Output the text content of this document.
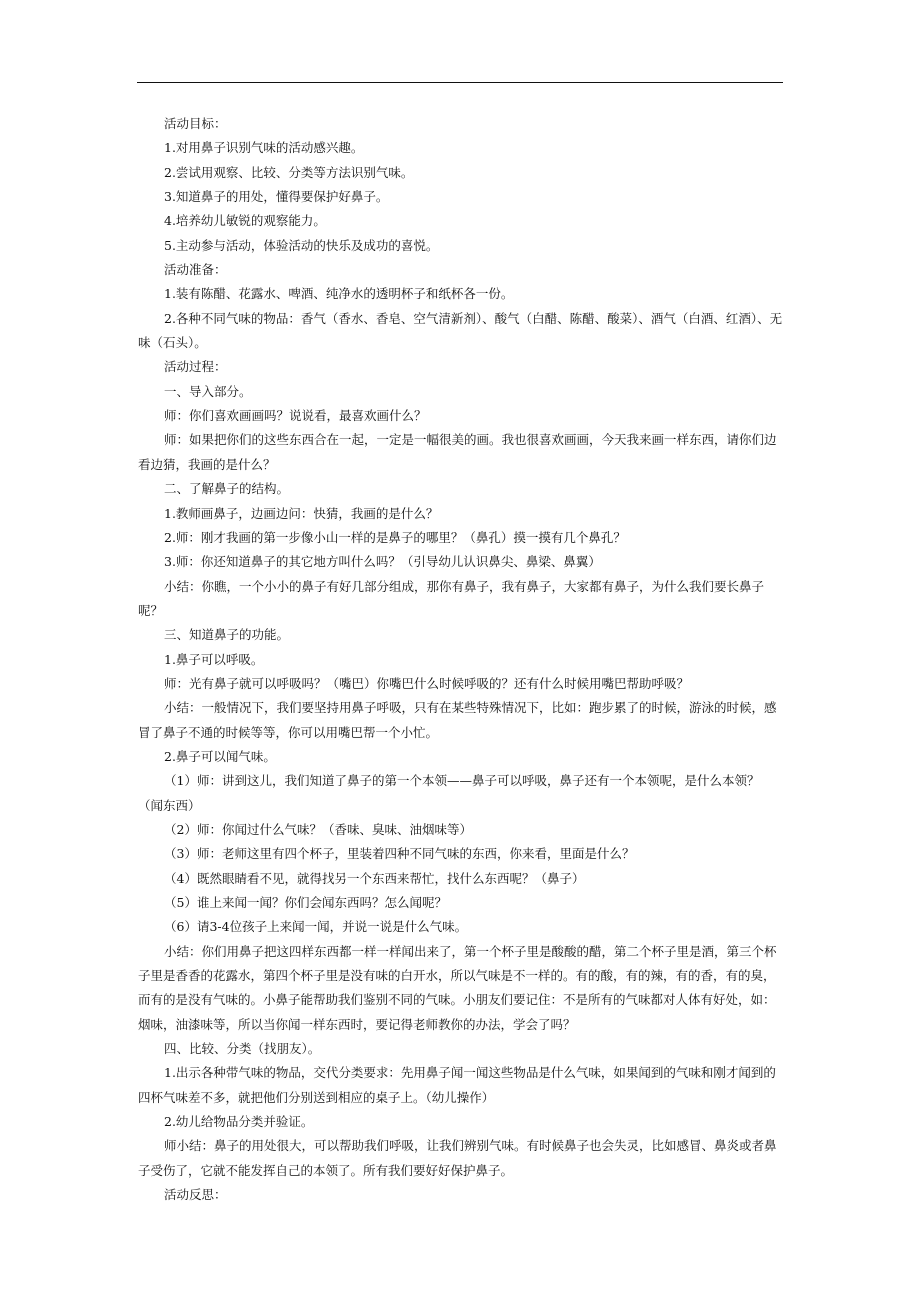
活动目标：

1.对用鼻子识别气味的活动感兴趣。

2.尝试用观察、比较、分类等方法识别气味。

3.知道鼻子的用处，懂得要保护好鼻子。

4.培养幼儿敏锐的观察能力。

5.主动参与活动，体验活动的快乐及成功的喜悦。

活动准备：

1.装有陈醋、花露水、啤酒、纯净水的透明杯子和纸杯各一份。

2.各种不同气味的物品：香气（香水、香皂、空气清新剂）、酸气（白醋、陈醋、酸菜）、酒气（白酒、红酒）、无味（石头）。

活动过程：

一、导入部分。

师：你们喜欢画画吗？说说看，最喜欢画什么？

师：如果把你们的这些东西合在一起，一定是一幅很美的画。我也很喜欢画画，今天我来画一样东西，请你们边看边猜，我画的是什么？

二、了解鼻子的结构。

1.教师画鼻子，边画边问：快猜，我画的是什么？

2.师：刚才我画的第一步像小山一样的是鼻子的哪里？（鼻孔）摸一摸有几个鼻孔？

3.师：你还知道鼻子的其它地方叫什么吗？（引导幼儿认识鼻尖、鼻梁、鼻翼）

小结：你瞧，一个小小的鼻子有好几部分组成，那你有鼻子，我有鼻子，大家都有鼻子，为什么我们要长鼻子呢？

三、知道鼻子的功能。

1.鼻子可以呼吸。

师：光有鼻子就可以呼吸吗？（嘴巴）你嘴巴什么时候呼吸的？还有什么时候用嘴巴帮助呼吸？

小结：一般情况下，我们要坚持用鼻子呼吸，只有在某些特殊情况下，比如：跑步累了的时候，游泳的时候，感冒了鼻子不通的时候等等，你可以用嘴巴帮一个小忙。

2.鼻子可以闻气味。

（1）师：讲到这儿，我们知道了鼻子的第一个本领——鼻子可以呼吸，鼻子还有一个本领呢，是什么本领？（闻东西）

（2）师：你闻过什么气味？（香味、臭味、油烟味等）

（3）师：老师这里有四个杯子，里装着四种不同气味的东西，你来看，里面是什么？

（4）既然眼睛看不见，就得找另一个东西来帮忙，找什么东西呢？（鼻子）

（5）谁上来闻一闻？你们会闻东西吗？怎么闻呢？

（6）请3-4位孩子上来闻一闻，并说一说是什么气味。

小结：你们用鼻子把这四样东西都一样一样闻出来了，第一个杯子里是酸酸的醋，第二个杯子里是酒，第三个杯子里是香香的花露水，第四个杯子里是没有味的白开水，所以气味是不一样的。有的酸，有的辣，有的香，有的臭，而有的是没有气味的。小鼻子能帮助我们鉴别不同的气味。小朋友们要记住：不是所有的气味都对人体有好处，如：烟味，油漆味等，所以当你闻一样东西时，要记得老师教你的办法，学会了吗？

四、比较、分类（找朋友）。

1.出示各种带气味的物品，交代分类要求：先用鼻子闻一闻这些物品是什么气味，如果闻到的气味和刚才闻到的四杯气味差不多，就把他们分别送到相应的桌子上。（幼儿操作）

2.幼儿给物品分类并验证。

师小结：鼻子的用处很大，可以帮助我们呼吸，让我们辨别气味。有时候鼻子也会失灵，比如感冒、鼻炎或者鼻子受伤了，它就不能发挥自己的本领了。所有我们要好好保护鼻子。

活动反思：
